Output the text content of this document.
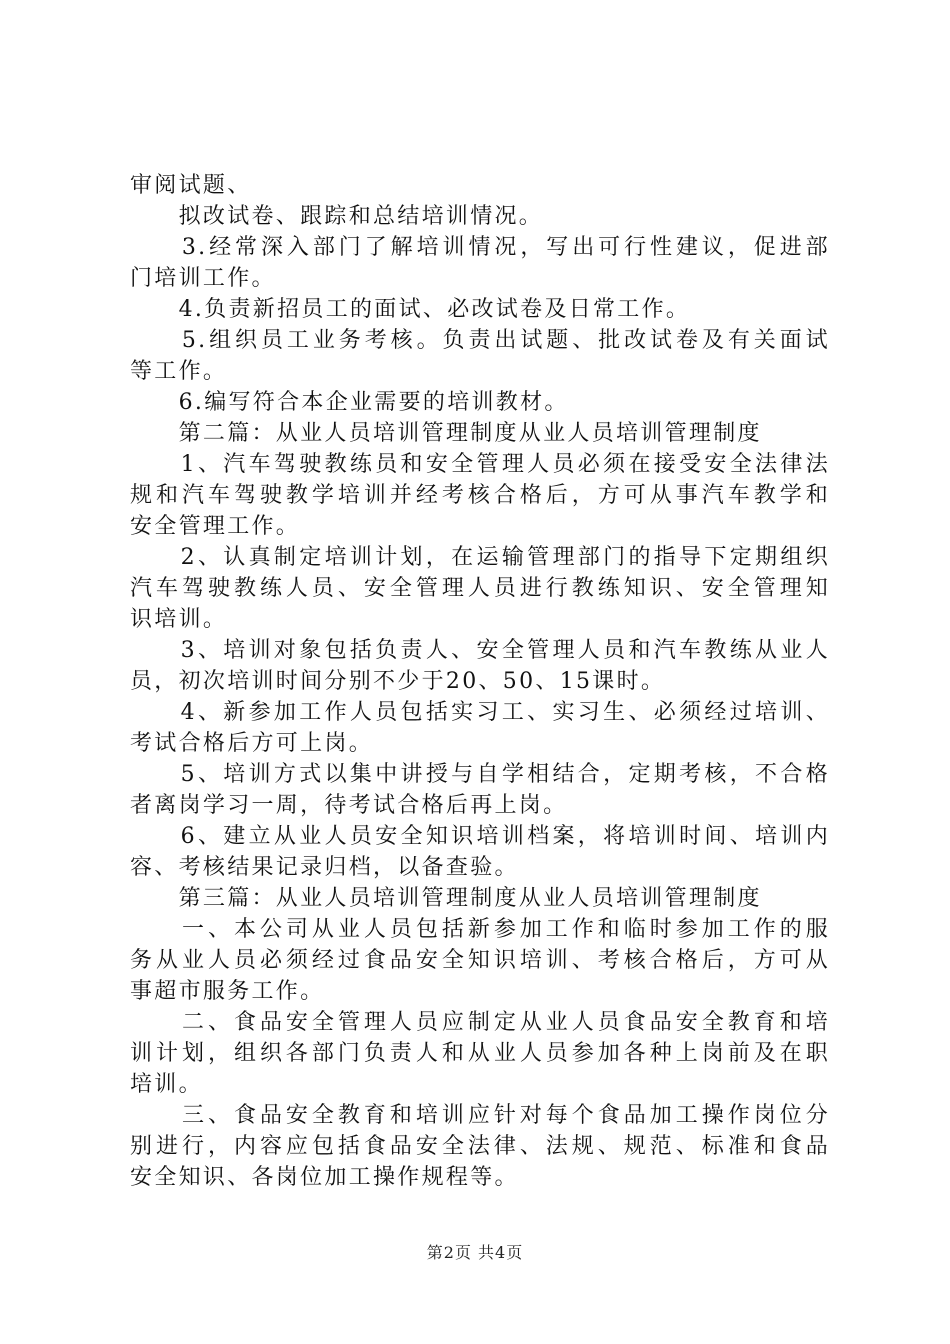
审阅试题、
　　拟改试卷、跟踪和总结培训情况。
　　3.经常深入部门了解培训情况，写出可行性建议，促进部
门培训工作。
　　4.负责新招员工的面试、必改试卷及日常工作。
　　5.组织员工业务考核。负责出试题、批改试卷及有关面试
等工作。
　　6.编写符合本企业需要的培训教材。
　　第二篇：从业人员培训管理制度从业人员培训管理制度
　　1、汽车驾驶教练员和安全管理人员必须在接受安全法律法
规和汽车驾驶教学培训并经考核合格后，方可从事汽车教学和
安全管理工作。
　　2、认真制定培训计划，在运输管理部门的指导下定期组织
汽车驾驶教练人员、安全管理人员进行教练知识、安全管理知
识培训。
　　3、培训对象包括负责人、安全管理人员和汽车教练从业人
员，初次培训时间分别不少于20、50、15课时。
　　4、新参加工作人员包括实习工、实习生、必须经过培训、
考试合格后方可上岗。
　　5、培训方式以集中讲授与自学相结合，定期考核，不合格
者离岗学习一周，待考试合格后再上岗。
　　6、建立从业人员安全知识培训档案，将培训时间、培训内
容、考核结果记录归档，以备查验。
　　第三篇：从业人员培训管理制度从业人员培训管理制度
　　一、本公司从业人员包括新参加工作和临时参加工作的服
务从业人员必须经过食品安全知识培训、考核合格后，方可从
事超市服务工作。
　　二、食品安全管理人员应制定从业人员食品安全教育和培
训计划，组织各部门负责人和从业人员参加各种上岗前及在职
培训。
　　三、食品安全教育和培训应针对每个食品加工操作岗位分
别进行，内容应包括食品安全法律、法规、规范、标准和食品
安全知识、各岗位加工操作规程等。
第2页 共4页
